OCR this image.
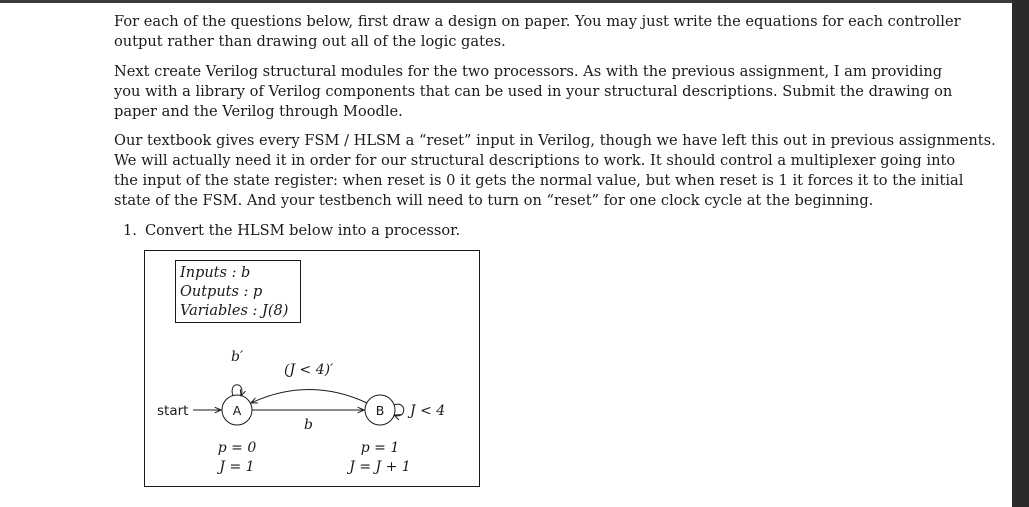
For each of the questions below, first draw a design on paper. You may just write the equations for each controller
output rather than drawing out all of the logic gates.

Next create Verilog structural modules for the two processors. As with the previous assignment, I am providing
you with a library of Verilog components that can be used in your structural descriptions. Submit the drawing on
paper and the Verilog through Moodle.

Our textbook gives every FSM / HLSM a “reset” input in Verilog, though we have left this out in previous assignments.
We will actually need it in order for our structural descriptions to work. It should control a multiplexer going into
the input of the state register: when reset is 0 it gets the normal value, but when reset is 1 it forces it to the initial
state of the FSM. And your testbench will need to turn on “reset” for one clock cycle at the beginning.

1. Convert the HLSM below into a processor.
Inputs : b
Outputs : p
Variables : J(8)
start	A	B
b′
(J < 4)′
b
J < 4
p = 0
J = 1
p = 1
J = J + 1
